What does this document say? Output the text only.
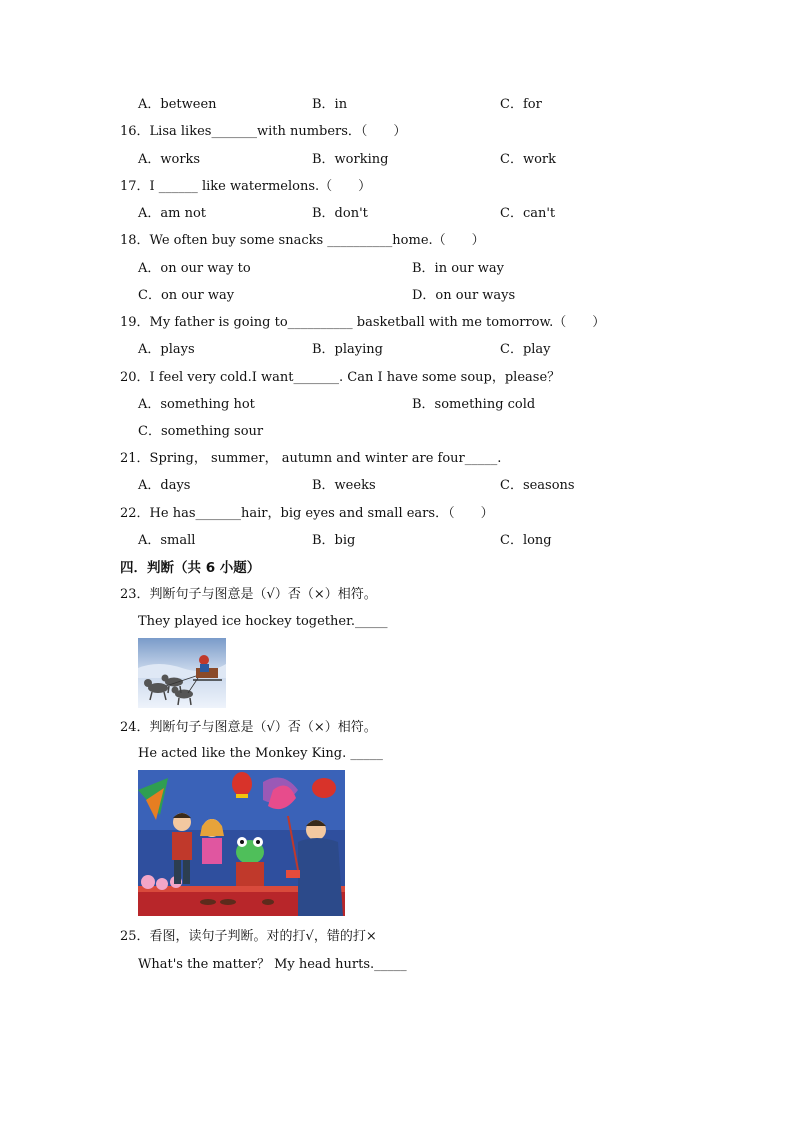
A．between	B．in	C．for
16．Lisa likes_______with numbers．（　　）
A．works	B．working	C．work
17．I ______ like watermelons.（　　）
A．am not	B．don't	C．can't
18．We often buy some snacks __________home.（　　）
A．on our way to	B．in our way
C．on our way	D．on our ways
19．My father is going to__________ basketball with me tomorrow.（　　）
A．plays	B．playing	C．play
20．I feel very cold.I want_______. Can I have some soup，please？
A．something hot	B．something cold
C．something sour
21．Spring， summer， autumn and winter are four_____.
A．days	B．weeks	C．seasons
22．He has_______hair，big eyes and small ears．（　　）
A．small	B．big	C．long
四．判断（共 6 小题）
23．判断句子与图意是（√）否（×）相符。
They played ice hockey together._____
24．判断句子与图意是（√）否（×）相符。
He acted like the Monkey King. _____
25．看图，读句子判断。对的打√，错的打×
What's the matter？ My head hurts._____
